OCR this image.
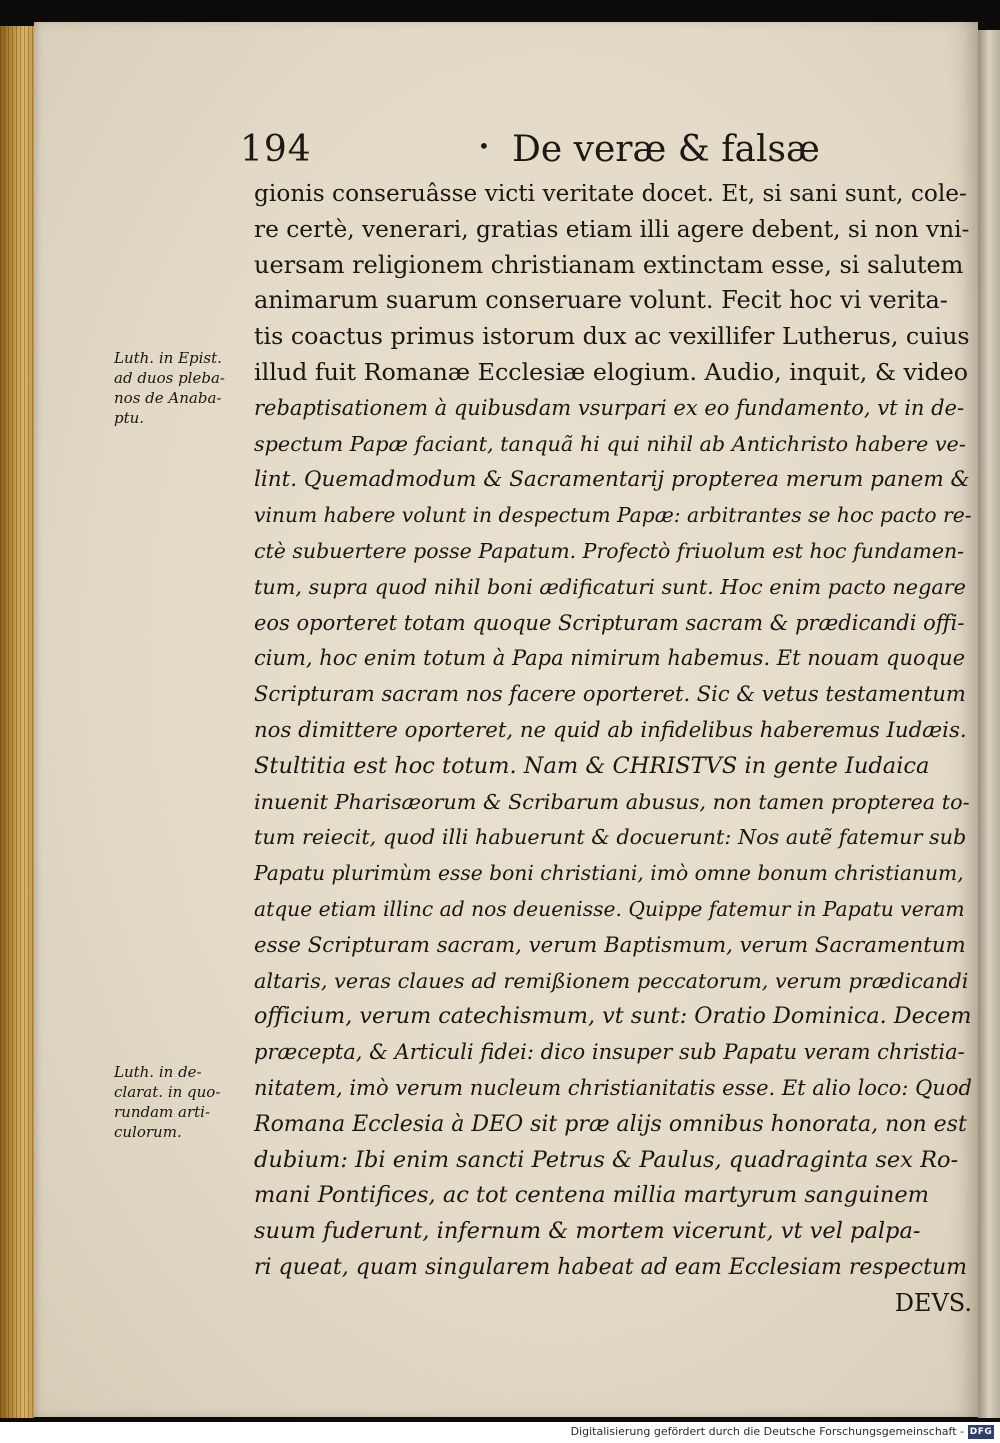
194	• De veræ & falsæ
Luth. in Epist.
ad duos pleba-
nos de Anaba-
ptu.
Luth. in de-
clarat. in quo-
rundam arti-
culorum.
gionis conseruâsse victi veritate docet. Et, si sani sunt, cole-
re certè, venerari, gratias etiam illi agere debent, si non vni-
uersam religionem christianam extinctam esse, si salutem
animarum suarum conseruare volunt. Fecit hoc vi verita-
tis coactus primus istorum dux ac vexillifer Lutherus, cuius
illud fuit Romanæ Ecclesiæ elogium. Audio, inquit, & video
rebaptisationem à quibusdam vsurpari ex eo fundamento, vt in de-
spectum Papæ faciant, tanquã hi qui nihil ab Antichristo habere ve-
lint. Quemadmodum & Sacramentarij propterea merum panem &
vinum habere volunt in despectum Papæ: arbitrantes se hoc pacto re-
ctè subuertere posse Papatum. Profectò friuolum est hoc fundamen-
tum, supra quod nihil boni ædificaturi sunt. Hoc enim pacto negare
eos oporteret totam quoque Scripturam sacram & prædicandi offi-
cium, hoc enim totum à Papa nimirum habemus. Et nouam quoque
Scripturam sacram nos facere oporteret. Sic & vetus testamentum
nos dimittere oporteret, ne quid ab infidelibus haberemus Iudæis.
Stultitia est hoc totum. Nam & CHRISTVS in gente Iudaica
inuenit Pharisæorum & Scribarum abusus, non tamen propterea to-
tum reiecit, quod illi habuerunt & docuerunt: Nos autẽ fatemur sub
Papatu plurimùm esse boni christiani, imò omne bonum christianum,
atque etiam illinc ad nos deuenisse. Quippe fatemur in Papatu veram
esse Scripturam sacram, verum Baptismum, verum Sacramentum
altaris, veras claues ad remißionem peccatorum, verum prædicandi
officium, verum catechismum, vt sunt: Oratio Dominica. Decem
præcepta, & Articuli fidei: dico insuper sub Papatu veram christia-
nitatem, imò verum nucleum christianitatis esse. Et alio loco: Quod
Romana Ecclesia à DEO sit præ alijs omnibus honorata, non est
dubium: Ibi enim sancti Petrus & Paulus, quadraginta sex Ro-
mani Pontifices, ac tot centena millia martyrum sanguinem
suum fuderunt, infernum & mortem vicerunt, vt vel palpa-
ri queat, quam singularem habeat ad eam Ecclesiam respectum
DEVS.
Digitalisierung gefördert durch die Deutsche Forschungsgemeinschaft - DFG
